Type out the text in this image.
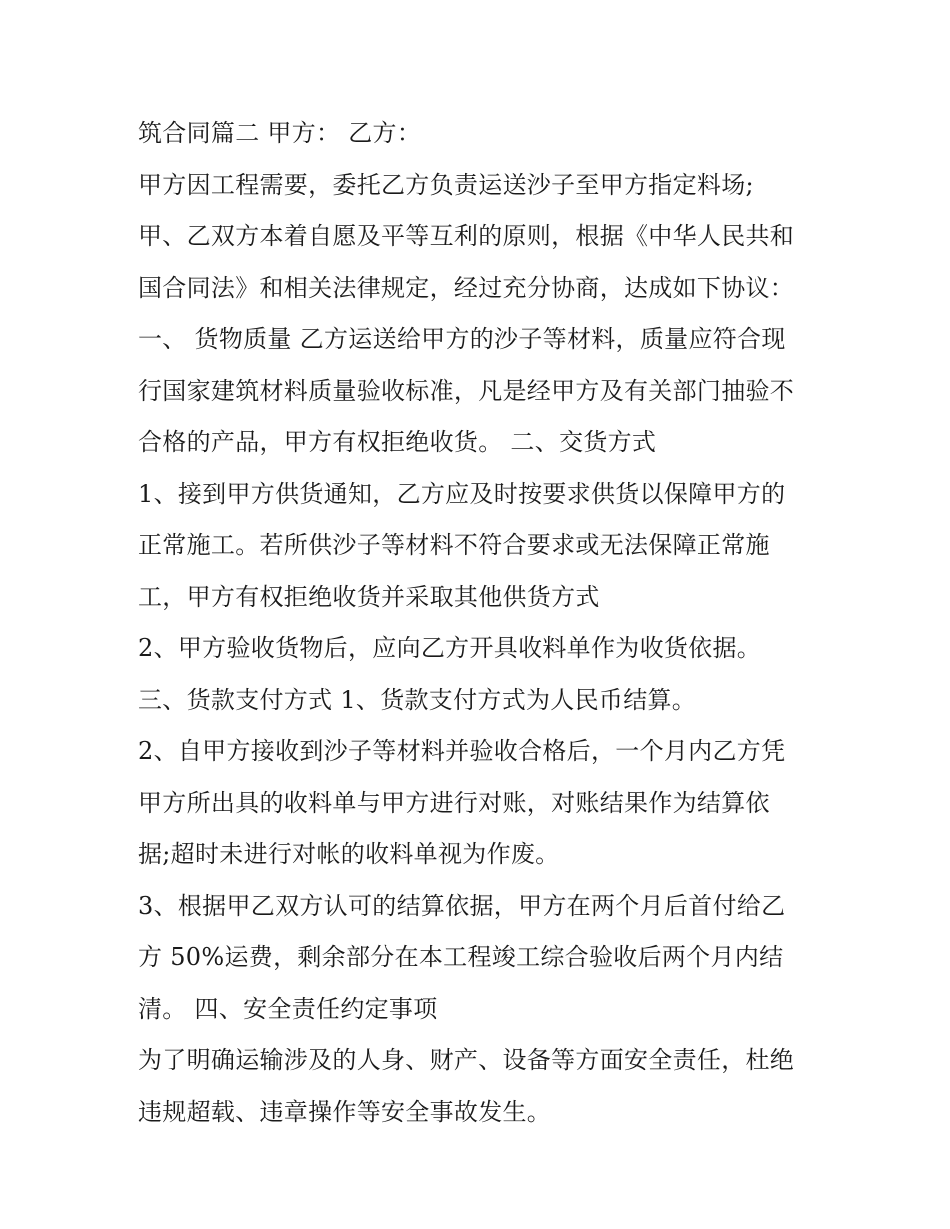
筑合同篇二 甲方： 乙方：
甲方因工程需要，委托乙方负责运送沙子至甲方指定料场;
甲、乙双方本着自愿及平等互利的原则，根据《中华人民共和
国合同法》和相关法律规定，经过充分协商，达成如下协议：
一、 货物质量 乙方运送给甲方的沙子等材料，质量应符合现
行国家建筑材料质量验收标准，凡是经甲方及有关部门抽验不
合格的产品，甲方有权拒绝收货。 二、交货方式
1、接到甲方供货通知，乙方应及时按要求供货以保障甲方的
正常施工。若所供沙子等材料不符合要求或无法保障正常施
工，甲方有权拒绝收货并采取其他供货方式
2、甲方验收货物后，应向乙方开具收料单作为收货依据。
三、货款支付方式 1、货款支付方式为人民币结算。
2、自甲方接收到沙子等材料并验收合格后，一个月内乙方凭
甲方所出具的收料单与甲方进行对账，对账结果作为结算依
据;超时未进行对帐的收料单视为作废。
3、根据甲乙双方认可的结算依据，甲方在两个月后首付给乙
方 50%运费，剩余部分在本工程竣工综合验收后两个月内结
清。 四、安全责任约定事项
为了明确运输涉及的人身、财产、设备等方面安全责任，杜绝
违规超载、违章操作等安全事故发生。
